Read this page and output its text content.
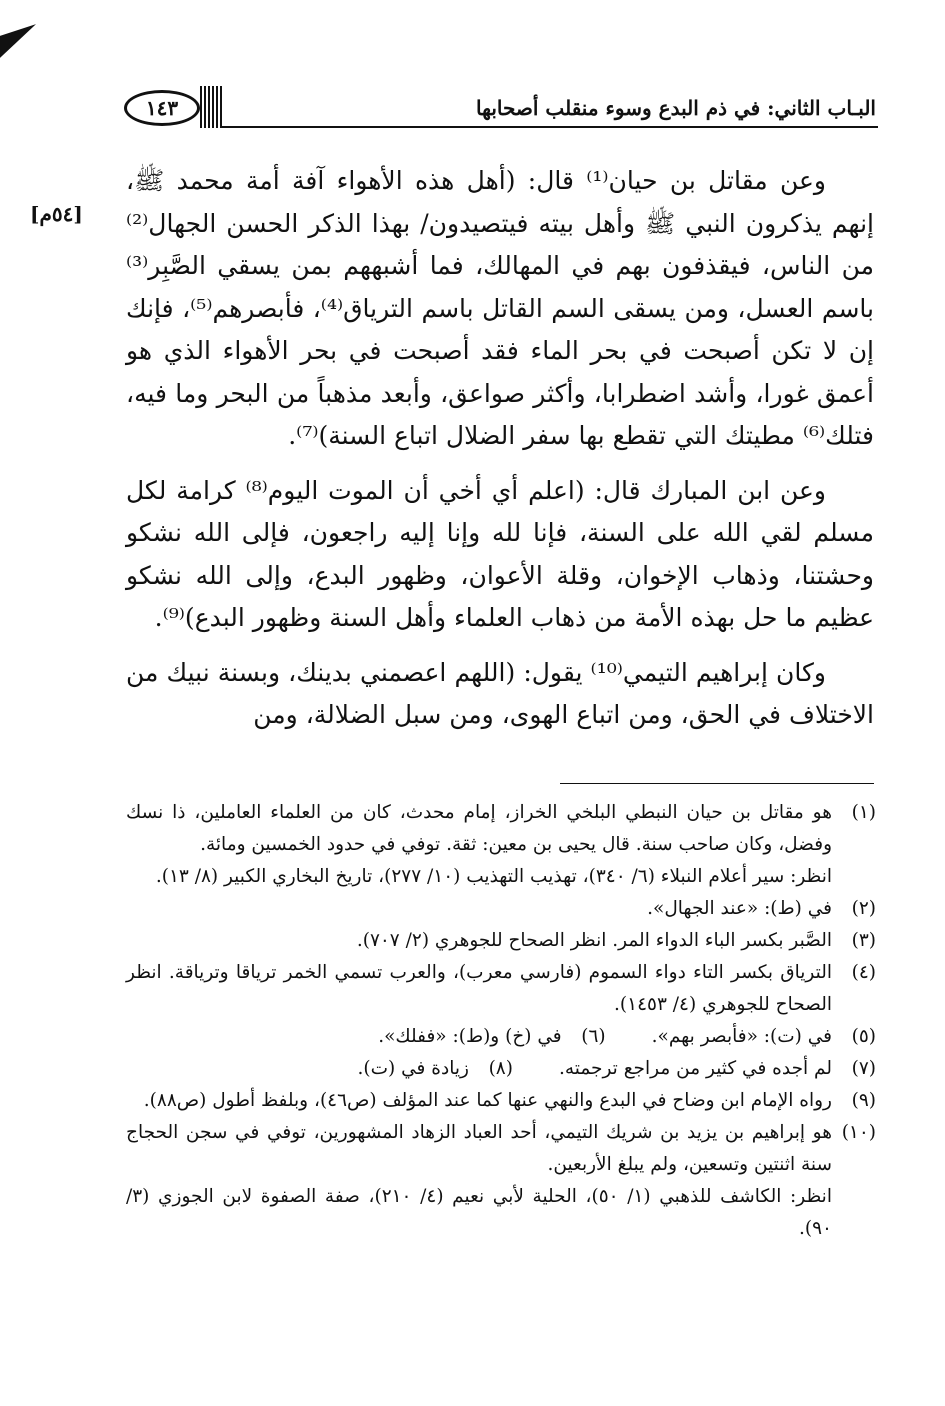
البـاب الثاني: في ذم البدع وسوء منقلب أصحابها
١٤٣
[٥٤م]

وعن مقاتل بن حيان⁽¹⁾ قال: (أهل هذه الأهواء آفة أمة محمد ﷺ، إنهم يذكرون النبي ﷺ وأهل بيته فيتصيدون/ بهذا الذكر الحسن الجهال⁽²⁾ من الناس، فيقذفون بهم في المهالك، فما أشبههم بمن يسقي الصَّبِر⁽³⁾ باسم العسل، ومن يسقى السم القاتل باسم الترياق⁽⁴⁾، فأبصرهم⁽⁵⁾، فإنك إن لا تكن أصبحت في بحر الماء فقد أصبحت في بحر الأهواء الذي هو أعمق غورا، وأشد اضطرابا، وأكثر صواعق، وأبعد مذهباً من البحر وما فيه، فتلك⁽⁶⁾ مطيتك التي تقطع بها سفر الضلال اتباع السنة)⁽⁷⁾.

وعن ابن المبارك قال: (اعلم أي أخي أن الموت اليوم⁽⁸⁾ كرامة لكل مسلم لقي الله على السنة، فإنا لله وإنا إليه راجعون، فإلى الله نشكو وحشتنا، وذهاب الإخوان، وقلة الأعوان، وظهور البدع، وإلى الله نشكو عظيم ما حل بهذه الأمة من ذهاب العلماء وأهل السنة وظهور البدع)⁽⁹⁾.

وكان إبراهيم التيمي⁽¹⁰⁾ يقول: (اللهم اعصمني بدينك، وبسنة نبيك من الاختلاف في الحق، ومن اتباع الهوى، ومن سبل الضلالة، ومن

(١)
هو مقاتل بن حيان النبطي البلخي الخراز، إمام محدث، كان من العلماء العاملين، ذا نسك وفضل، وكان صاحب سنة. قال يحيى بن معين: ثقة. توفي في حدود الخمسين ومائة.
انظر: سير أعلام النبلاء (٦/ ٣٤٠)، تهذيب التهذيب (١٠/ ٢٧٧)، تاريخ البخاري الكبير (٨/ ١٣).
(٢)
في (ط): «عند الجهال».
(٣)
الصَّبر بكسر الباء الدواء المر. انظر الصحاح للجوهري (٢/ ٧٠٧).
(٤)
الترياق بكسر التاء دواء السموم (فارسي معرب)، والعرب تسمي الخمر ترياقا وترياقة. انظر الصحاح للجوهري (٤/ ١٤٥٣).
(٥)
في (ت): «فأبصر بهم».
(٦)
في (خ) و(ط): «ففلك».
(٧)
لم أجده في كثير من مراجع ترجمته.
(٨)
زيادة في (ت).
(٩)
رواه الإمام ابن وضاح في البدع والنهي عنها كما عند المؤلف (ص٤٦)، وبلفظ أطول (ص٨٨).
(١٠)
هو إبراهيم بن يزيد بن شريك التيمي، أحد العباد الزهاد المشهورين، توفي في سجن الحجاج سنة اثنتين وتسعين، ولم يبلغ الأربعين.
انظر: الكاشف للذهبي (١/ ٥٠)، الحلية لأبي نعيم (٤/ ٢١٠)، صفة الصفوة لابن الجوزي (٣/ ٩٠).
